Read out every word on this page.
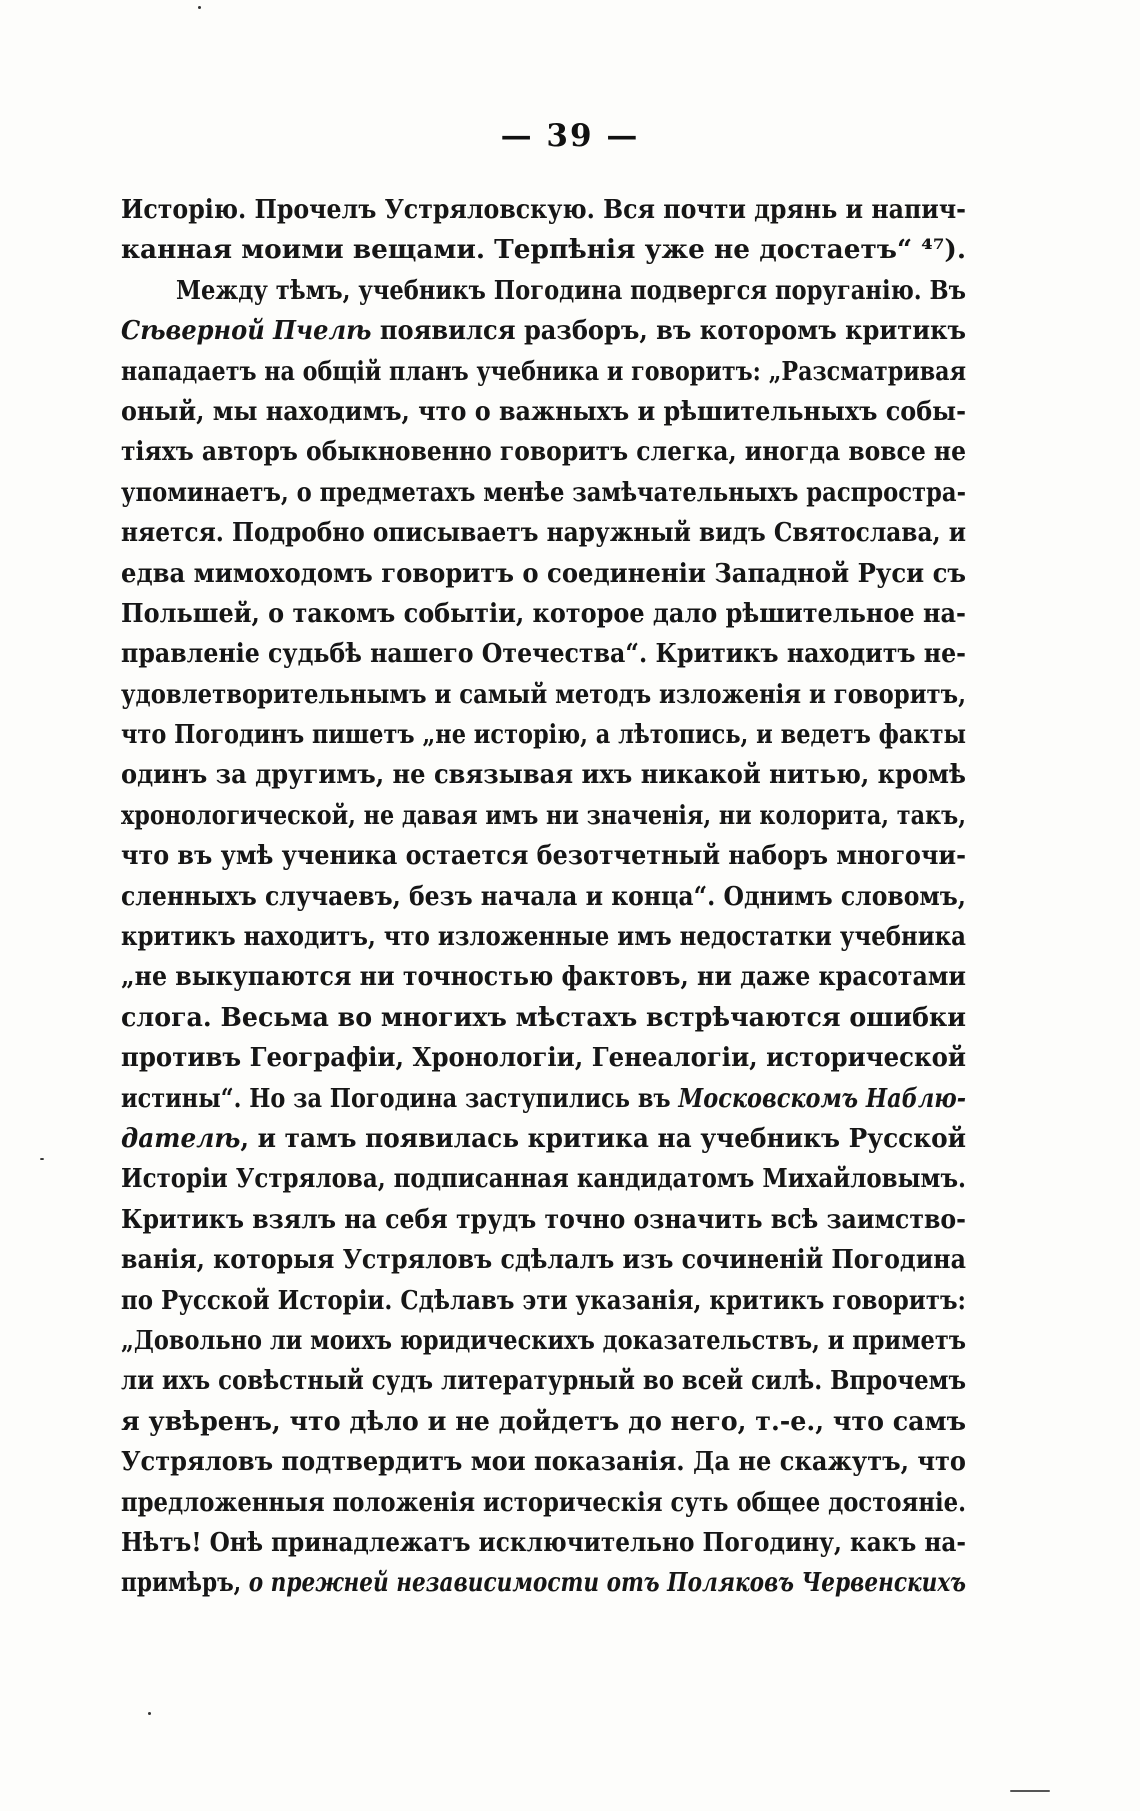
— 39 —
Исторію. Прочелъ Устряловскую. Вся почти дрянь и напич-
канная моими вещами. Терпѣнія уже не достаетъ“ ⁴⁷).
Между тѣмъ, учебникъ Погодина подвергся поруганію. Въ
Сѣверной Пчелѣ появился разборъ, въ которомъ критикъ
нападаетъ на общій планъ учебника и говоритъ: „Разсматривая
оный, мы находимъ, что о важныхъ и рѣшительныхъ собы-
тіяхъ авторъ обыкновенно говоритъ слегка, иногда вовсе не
упоминаетъ, о предметахъ менѣе замѣчательныхъ распростра-
няется. Подробно описываетъ наружный видъ Святослава, и
едва мимоходомъ говоритъ о соединеніи Западной Руси съ
Польшей, о такомъ событіи, которое дало рѣшительное на-
правленіе судьбѣ нашего Отечества“. Критикъ находитъ не-
удовлетворительнымъ и самый методъ изложенія и говоритъ,
что Погодинъ пишетъ „не исторію, а лѣтопись, и ведетъ факты
одинъ за другимъ, не связывая ихъ никакой нитью, кромѣ
хронологической, не давая имъ ни значенія, ни колорита, такъ,
что въ умѣ ученика остается безотчетный наборъ многочи-
сленныхъ случаевъ, безъ начала и конца“. Однимъ словомъ,
критикъ находитъ, что изложенные имъ недостатки учебника
„не выкупаются ни точностью фактовъ, ни даже красотами
слога. Весьма во многихъ мѣстахъ встрѣчаются ошибки
противъ Географіи, Хронологіи, Генеалогіи, исторической
истины“. Но за Погодина заступились въ Московскомъ Наблю-
дателѣ, и тамъ появилась критика на учебникъ Русской
Исторіи Устрялова, подписанная кандидатомъ Михайловымъ.
Критикъ взялъ на себя трудъ точно означить всѣ заимство-
ванія, которыя Устряловъ сдѣлалъ изъ сочиненій Погодина
по Русской Исторіи. Сдѣлавъ эти указанія, критикъ говоритъ:
„Довольно ли моихъ юридическихъ доказательствъ, и приметъ
ли ихъ совѣстный судъ литературный во всей силѣ. Впрочемъ
я увѣренъ, что дѣло и не дойдетъ до него, т.-е., что самъ
Устряловъ подтвердитъ мои показанія. Да не скажутъ, что
предложенныя положенія историческія суть общее достояніе.
Нѣтъ! Онѣ принадлежатъ исключительно Погодину, какъ на-
примѣръ, о прежней независимости отъ Поляковъ Червенскихъ
